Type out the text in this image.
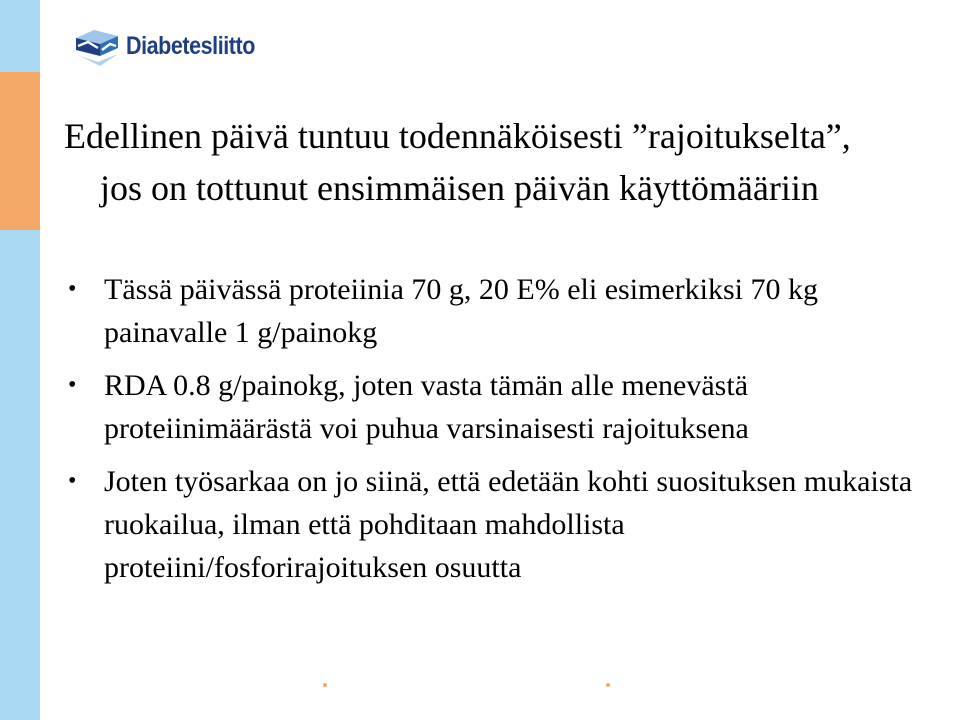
Diabetesliitto
Edellinen päivä tuntuu todennäköisesti ”rajoitukselta”,
jos on tottunut ensimmäisen päivän käyttömääriin
• Tässä päivässä proteiinia 70 g, 20 E% eli esimerkiksi 70 kg painavalle 1 g/painokg
• RDA 0.8 g/painokg, joten vasta tämän alle menevästä proteiinimäärästä voi puhua varsinaisesti rajoituksena
• Joten työsarkaa on jo siinä, että edetään kohti suosituksen mukaista ruokailua, ilman että pohditaan mahdollista proteiini/fosforirajoituksen osuutta
